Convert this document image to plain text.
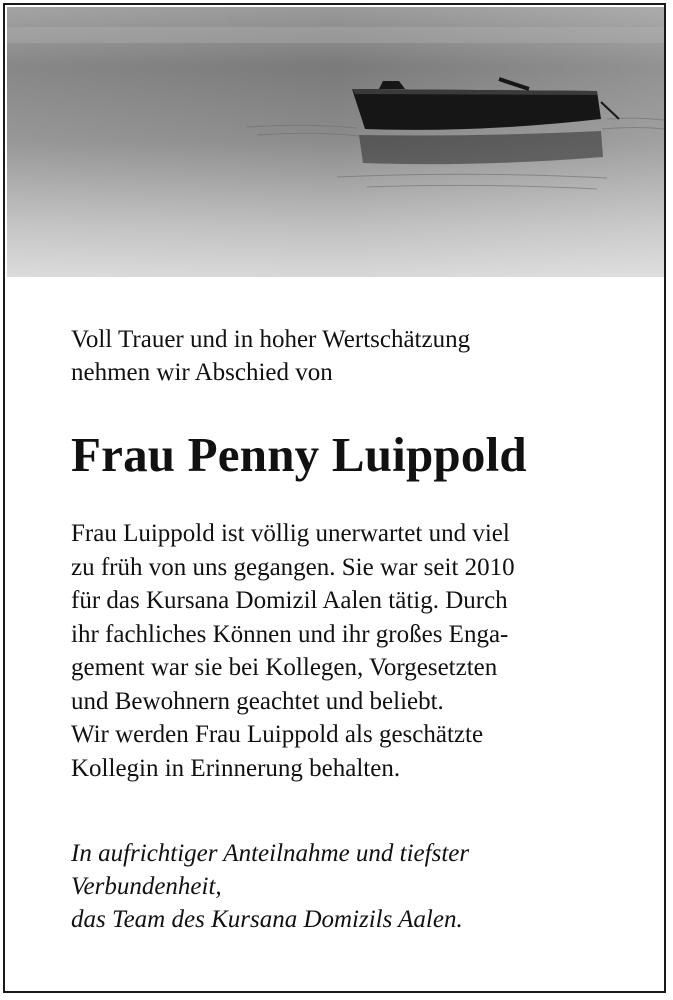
Voll Trauer und in hoher Wertschätzung
nehmen wir Abschied von
Frau Penny Luippold
Frau Luippold ist völlig unerwartet und viel
zu früh von uns gegangen. Sie war seit 2010
für das Kursana Domizil Aalen tätig. Durch
ihr fachliches Können und ihr großes Enga-
gement war sie bei Kollegen, Vorgesetzten
und Bewohnern geachtet und beliebt.
Wir werden Frau Luippold als geschätzte
Kollegin in Erinnerung behalten.
In aufrichtiger Anteilnahme und tiefster
Verbundenheit,
das Team des Kursana Domizils Aalen.
